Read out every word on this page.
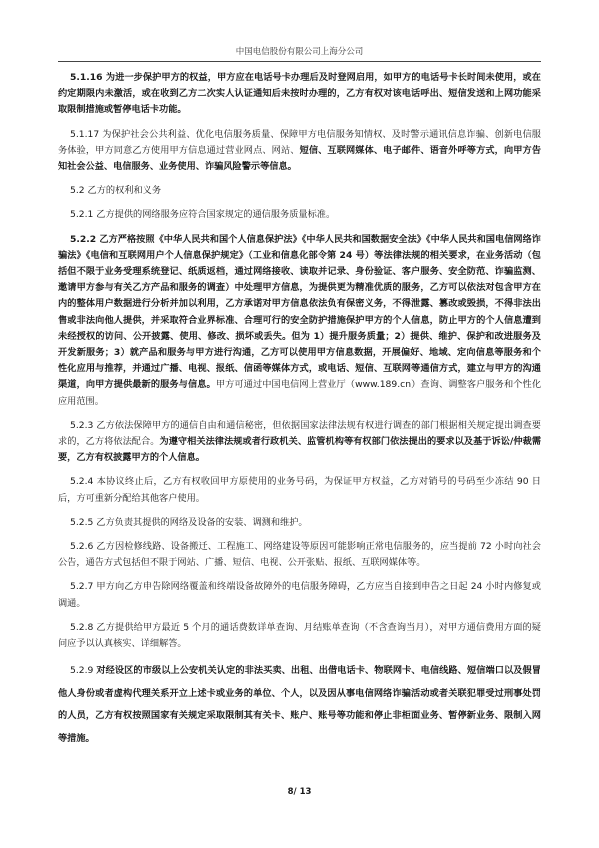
中国电信股份有限公司上海分公司

5.1.16 为进一步保护甲方的权益，甲方应在电话号卡办理后及时登网启用，如甲方的电话号卡长时间未使用，或在约定期限内未激活，或在收到乙方二次实人认证通知后未按时办理的，乙方有权对该电话呼出、短信发送和上网功能采取限制措施或暂停电话卡功能。

5.1.17 为保护社会公共利益、优化电信服务质量、保障甲方电信服务知情权、及时警示通讯信息诈骗、创新电信服务体验，甲方同意乙方使用甲方信息通过营业网点、网站、短信、互联网媒体、电子邮件、语音外呼等方式，向甲方告知社会公益、电信服务、业务使用、诈骗风险警示等信息。

5.2 乙方的权利和义务

5.2.1 乙方提供的网络服务应符合国家规定的通信服务质量标准。

5.2.2 乙方严格按照《中华人民共和国个人信息保护法》《中华人民共和国数据安全法》《中华人民共和国电信网络诈骗法》《电信和互联网用户个人信息保护规定》（工业和信息化部令第 24 号）等法律法规的相关要求，在业务活动（包括但不限于业务受理系统登记、纸质返档，通过网络接收、读取并记录、身份验证、客户服务、安全防范、诈骗监测、邀请甲方参与有关乙方产品和服务的调查）中处理甲方信息，为提供更为精准优质的服务，乙方可以依法对包含甲方在内的整体用户数据进行分析并加以利用，乙方承诺对甲方信息依法负有保密义务，不得泄露、篡改或毁损，不得非法出售或非法向他人提供，并采取符合业界标准、合理可行的安全防护措施保护甲方的个人信息，防止甲方的个人信息遭到未经授权的访问、公开披露、使用、修改、损坏或丢失。但为 1）提升服务质量；2）提供、维护、保护和改进服务及开发新服务；3）就产品和服务与甲方进行沟通，乙方可以使用甲方信息数据，开展偏好、地域、定向信息等服务和个性化应用与推荐，并通过广播、电视、报纸、信函等媒体方式，或电话、短信、互联网等通信方式，建立与甲方的沟通渠道，向甲方提供最新的服务与信息。甲方可通过中国电信网上营业厅（www.189.cn）查询、调整客户服务和个性化应用范围。

5.2.3 乙方依法保障甲方的通信自由和通信秘密，但依据国家法律法规有权进行调查的部门根据相关规定提出调查要求的，乙方将依法配合。为遵守相关法律法规或者行政机关、监管机构等有权部门依法提出的要求以及基于诉讼/仲裁需要，乙方有权披露甲方的个人信息。

5.2.4 本协议终止后，乙方有权收回甲方原使用的业务号码，为保证甲方权益，乙方对销号的号码至少冻结 90 日后，方可重新分配给其他客户使用。

5.2.5 乙方负责其提供的网络及设备的安装、调测和维护。

5.2.6 乙方因检修线路、设备搬迁、工程施工、网络建设等原因可能影响正常电信服务的，应当提前 72 小时向社会公告，通告方式包括但不限于网站、广播、短信、电视、公开张贴、报纸、互联网媒体等。

5.2.7 甲方向乙方申告除网络覆盖和终端设备故障外的电信服务障碍，乙方应当自接到申告之日起 24 小时内修复或调通。

5.2.8 乙方提供给甲方最近 5 个月的通话费数详单查询、月结账单查询（不含查询当月），对甲方通信费用方面的疑问应予以认真核实、详细解答。

5.2.9 对经设区的市级以上公安机关认定的非法买卖、出租、出借电话卡、物联网卡、电信线路、短信端口以及假冒他人身份或者虚构代理关系开立上述卡或业务的单位、个人，以及因从事电信网络诈骗活动或者关联犯罪受过刑事处罚的人员，乙方有权按照国家有关规定采取限制其有关卡、账户、账号等功能和停止非柜面业务、暂停新业务、限制入网等措施。

8/ 13
